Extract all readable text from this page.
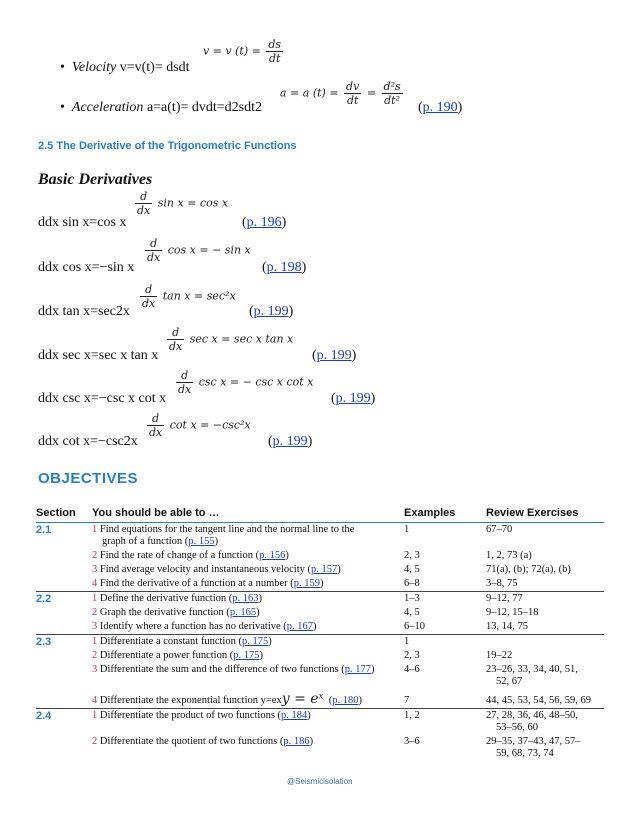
v = v $(t) = \frac{ds}{dt}$
• Velocity v=v(t)= dsdt
a = a $(t) = \frac{dv}{dt} = \frac{\text{d²s}}{\text{dt²}}$
• Acceleration a=a(t)= dvdt=d2sdt2	(p. 190)
2.5 The Derivative of the Trigonometric Functions
Basic Derivatives
$\frac{d}{dx}$ sin x = cos x
ddx sin x=cos x	(p. 196)
$\frac{d}{dx}$ cos x = − sin x
ddx cos x=−sin x	(p. 198)
$\frac{d}{dx}$ tan x = sec²x
ddx tan x=sec2x	(p. 199)
$\frac{d}{dx}$ sec x = sec x tan x
ddx sec x=sec x tan x	(p. 199)
$\frac{d}{dx}$ csc x = − csc x cot x
ddx csc x=−csc x cot x	(p. 199)
$\frac{d}{dx}$ cot x = −csc²x
ddx cot x=−csc2x	(p. 199)
OBJECTIVES
Section	You should be able to …	Examples	Review Exercises
2.1	1 Find equations for the tangent line and the normal line to the
graph of a function (p. 155)	1	67–70
	2 Find the rate of change of a function (p. 156)	2, 3	1, 2, 73 (a)
	3 Find average velocity and instantaneous velocity (p. 157)	4, 5	71(a), (b); 72(a), (b)
	4 Find the derivative of a function at a number (p. 159)	6–8	3–8, 75
2.2	1 Define the derivative function (p. 163)	1–3	9–12, 77
	2 Graph the derivative function (p. 165)	4, 5	9–12, 15–18
	3 Identify where a function has no derivative (p. 167)	6–10	13, 14, 75
2.3	1 Differentiate a constant function (p. 175)	1	
	2 Differentiate a power function (p. 175)	2, 3	19–22
	3 Differentiate the sum and the difference of two functions (p. 177)	4–6	23–26, 33, 34, 40, 51,
52, 67
	4 Differentiate the exponential function y=exy = eˣ  (p. 180)	7	44, 45, 53, 54, 56, 59, 69
2.4	1 Differentiate the product of two functions (p. 184)	1, 2	27, 28, 36, 46, 48–50,
53–56, 60
	2 Differentiate the quotient of two functions (p. 186)	3–6	29–35, 37–43, 47, 57–
59, 68, 73, 74
@Seismicisolation
